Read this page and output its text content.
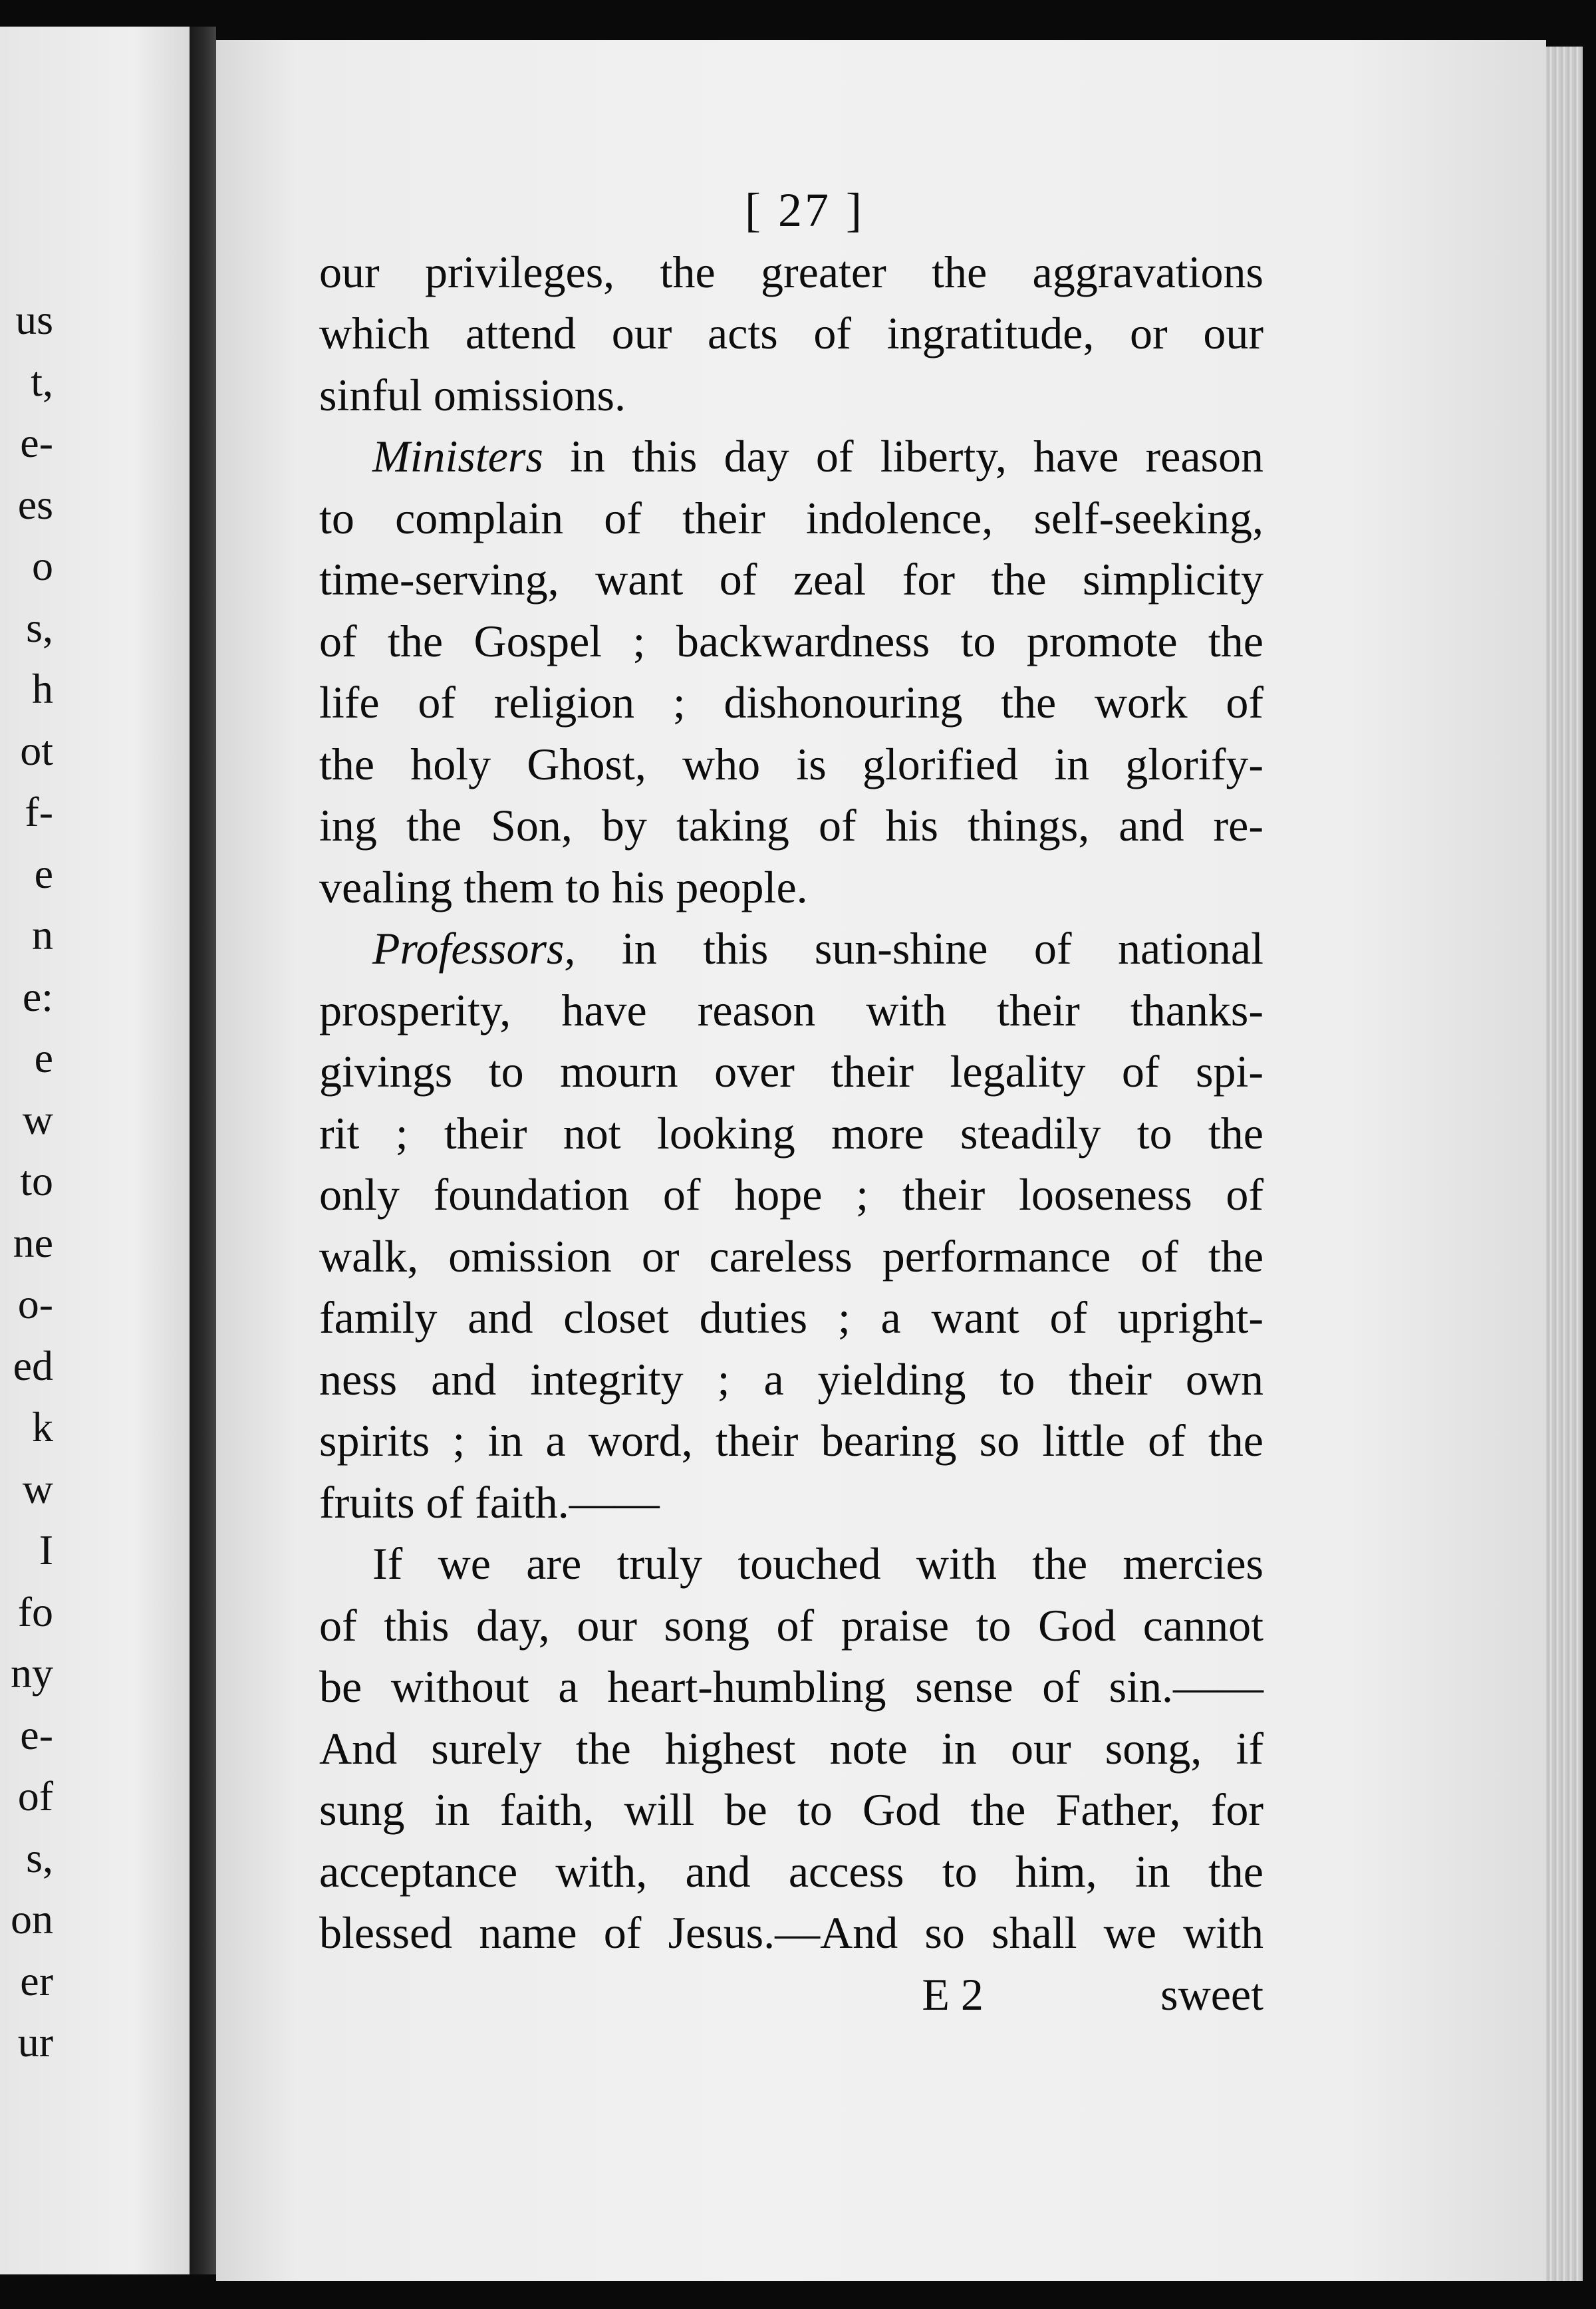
us
t,
e-
es
o
s,
h
ot
f-
e
n
e:
e
w
to
ne
o-
ed
k
w
I
fo
ny
e-
of
s,
on
er
ur
[ 27 ]
our privileges, the greater the aggravations
which attend our acts of ingratitude, or our
sinful omissions.
Ministers in this day of liberty, have reason
to complain of their indolence, self-seeking,
time-serving, want of zeal for the simplicity
of the Gospel ; backwardness to promote the
life of religion ; dishonouring the work of
the holy Ghost, who is glorified in glorify-
ing the Son, by taking of his things, and re-
vealing them to his people.
Professors, in this sun-shine of national
prosperity, have reason with their thanks-
givings to mourn over their legality of spi-
rit ; their not looking more steadily to the
only foundation of hope ; their looseness of
walk, omission or careless performance of the
family and closet duties ; a want of upright-
ness and integrity ; a yielding to their own
spirits ; in a word, their bearing so little of the
fruits of faith.——
If we are truly touched with the mercies
of this day, our song of praise to God cannot
be without a heart-humbling sense of sin.——
And surely the highest note in our song, if
sung in faith, will be to God the Father, for
acceptance with, and access to him, in the
blessed name of Jesus.—And so shall we with
E 2	sweet
